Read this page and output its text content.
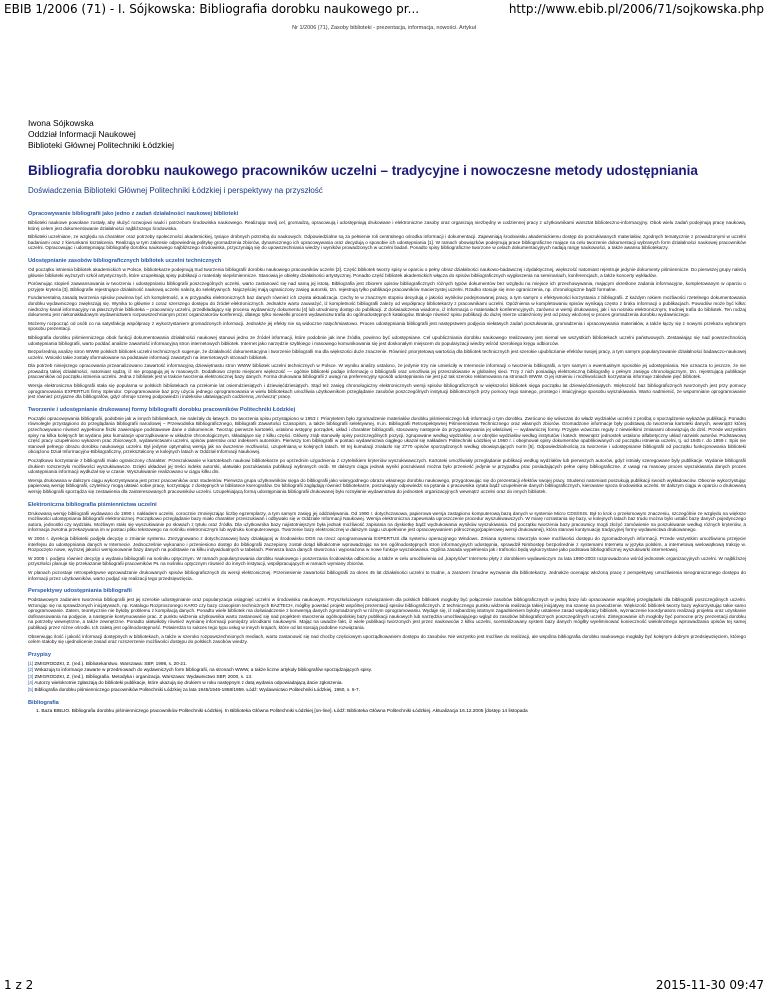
EBIB 1/2006 (71) - I. Sójkowska: Bibliografia dorobku naukowego pr...	http://www.ebib.pl/2006/71/sojkowska.php
Nr 1/2006 (71), Zasoby biblioteki - prezentacja, informacja, nowości. Artykuł
Iwona Sójkowska
Oddział Informacji Naukowej
Biblioteki Głównej Politechniki Łódzkiej
Bibliografia dorobku naukowego pracowników uczelni – tradycyjne i nowoczesne metody udostępniania
Doświadczenia Biblioteki Głównej Politechniki Łódzkiej i perspektywy na przyszłość
Opracowywanie bibliografii jako jedno z zadań działalności naukowej biblioteki

Biblioteki naukowe powołane zostały, aby służyć rozwojowi nauki i potrzebom środowiska naukowego. Realizując swój cel, gromadzą, opracowują i udostępniają drukowane i elektroniczne zasoby oraz organizują niezbędny w codziennej pracy z użytkownikami warsztat biblioteczno-informacyjny. Obok wielu zadań podejmują pracę naukową, której celem jest dokumentowanie działalności najbliższego środowiska.

Biblioteki uczelniane, ze względu na charakter oraz potrzeby społeczności akademickiej, tysiące drobnych potrzebą do naukowych. Odpowiedzialne są za pełnienie roli centralnego ośrodka informacji i dokumentacji. Zapewniają środowisku akademickiemu dostęp do poszukiwanych materiałów, zgodnych tematycznie z prowadzonymi w uczelni badaniami oraz z kierunkami kształcenia. Realizują w tym zakresie odpowiednią politykę gromadzenia zbiorów, dynamicznego ich opracowywania oraz decydują o sposobie ich udostępniania [1]. W ramach obowiązków podejmują prace bibliograficzne mające na celu tworzenie dokumentacji wybranych form działalności naukowej pracowników uczelni. Opracowując i udostępniając bibliografię dorobku naukowego najbliższego środowiska, przyczyniają się do upowszechniania wiedzy i wyników prowadzonych w uczelni badań. Ponadto spisy bibliograficzne tworzone w celach dokumentacyjnych nadają rangę naukowości, a także awansu bibliotekarzy.

Udostępnianie zasobów bibliograficznych bibliotek uczelni technicznych

Od początku istnienia bibliotek akademickich w Polsce, bibliotekarze podejmują trud tworzenia bibliografii dorobku naukowego pracowników uczelni [2]. Część bibliotek tworzy spisy w oparciu o pełny obraz działalności naukowo-badawczej i dydaktycznej, większość natomiast rejestruje jedynie dokumenty piśmiennicze. Do pierwszej grupy należą głównie biblioteki wyższych szkół artystycznych, które uzupełniają spisy publikacji o materiały niepiśmiennicze. Stanowią je obiekty działalności artystycznej. Ponadto część bibliotek akademickich włącza do spisów bibliograficznych wygłoszenia na seminariach, konferencjach, a także koncerty wykładów.

Porównując stopień zaawansowania w tworzeniu i udostępnianiu bibliografii poszczególnych uczelni, warto zastanowić się nad samą jej istotą. Bibliografia jest zbiorem opisów bibliograficznych różnych typów dokumentów bez względu na miejsce ich przechowywania, mającym określone zadania informacyjne, kompletowanym w oparciu o przyjęte kryteria [3]. Bibliografie rejestrujące działalność naukową uczelni należą do selektywnych. Najczęściej mają ograniczony zasięg autorski, tzn. rejestrują tylko publikacje pracowników macierzystej uczelni. Rzadko stosuje się inne ograniczenia, np. chronologiczne bądź formalne.

Fundamentalną zasadą tworzenia spisów powinna być ich kompletność, a w przypadku elektronicznych baz danych również ich częsta aktualizacja. Cechy te w znacznym stopniu decydują o jakości wyników podejmowanej pracy, a tym samym o efektywności korzystania z bibliografii. Z każdym rokiem możliwości rzetelnego dokumentowania dorobku wydawniczego zwiększają się. Wynika to głównie z coraz szerszego dostępu do źródeł elektronicznych. Jednakże warto zauważyć, iż kompletność bibliografii zależy od współpracy bibliotekarzy z pracownikami uczelni. Opóźnienia w kompletowaniu spisów wynikają często z braku informacji o publikacjach. Powodów może być kilka: niedrożny kanał informacyjny na płaszczyźnie biblioteka – pracownicy uczelni, przedkładający się procesu wydawniczy dokumentu [4] lub utrudniony dostęp do publikacji. Z doświadczenia wiadomo, iż informacja o materiałach konferencyjnych, zarówno w wersji drukowanej, jak i na nośniku elektronicznym, trudniej trafia do bibliotek. Ten rodzaj dokumentu jest niekonakładowym wydawnictwem rozpowszechnianym przez organizatorów konferencji, dlatego tylko niewielki procent wydawnictw trafia do ogólnodostępnych katalogów. Brakuje również spisu publikacji do dużej mierze uzależniony jest od pracy włożonej w proces gromadzenia dorobku wydawniczego.

Możemy rozpocząć od osób co na satysfakcję współpracy z wykorzystaniem gromadzonych informacji. Jednakże jej efekty nie są widoczne natychmiastowo. Proces udostępniania bibliografii jest następstwem podjęcia niełatwych zadań poszukiwania, gromadzenia i opracowywania materiałów, a także łączy się z nowymi przekazu wybranym sposobu prezentacji.

Bibliografia dorobku piśmienniczego obok funkcji dokumentowania działalności naukowej stanowi jedno ze źródeł informacji, które podobnie jak inne źródła, powinno być udostępniane. Cel upubliczniania dorobku naukowego realizowany jest niemal we wszystkich bibliotekach uczelni państwowych. Zestawiając się nad powszechnością udostępniania bibliografii, warto poddać analizie zawartość informacyjną stron internetowych bibliotek. Internet jako narzędzie szybkiego i masowego komunikowania się jest doskonałym miejscem do popularyzacji wiedzy wśród szerokiego kręgu odbiorców.

Bezpośrednią analizę stron WWW polskich bibliotek uczelni technicznych sugeruje, że działalność dokumentacyjna i tworzenie bibliografii ma dla większości duże znaczenie. Również priorytetową wartością dla bibliotek technicznych jest szerokie upubliczianie efektów swojej pracy, a tym samym popularyzowanie działalności badawczo-naukowej uczelni. Wnioski takie zostały sformułowane na podstawie informacji zawartych na internetowych stronach bibliotek.

Dla potrzeb niniejszego opracowania przeanalizowano zawartość informacyjną dziewiętnastu stron WWW bibliotek uczelni technicznych w Polsce. W wyniku analizy ustalono, że jedynie trzy nie umieściły w Internecie informacji o tworzeniu bibliografii, a tym samym o ewentualnym sposobie jej udostępniania. Nie oznacza to jeszcze, że nie prowadzą takiej działalności, natomiast sądzą, iż nie propagują jej w masowych. Dodatkowo często miejscem większość — ogólnie biblioteki podaje informację o bibliografii oraz umożliwia jej przeszukiwanie w globalnej sieci. Trzy z nich posiadają elektroniczną bibliografię o pełnym zasięgu chronologicznym, tzn. rejestrującą publikacje pracowników od początku istnienia uczelni. Jedna z bibliotek jest w trakcie tworzenia elektronicznej bazy danych. Forma drukowana bibliografii z uwagi na preferencyjny sposób udostępniania nie jest już tak szeroko reklamowana na stronach WWW. O jej istnieniu i możliwościach korzystania informuje zaledwie pięć bibliotek.

Wersja elektroniczna bibliografii stała się popularna w polskich bibliotekach na przełomie lat osiemdziesiątych i dziewięćdziesiątych. Stąd też zasięg chronologiczny elektronicznych wersji spisów bibliograficznych w większości bibliotek sięga początku lat dziewięćdziesiątych. Większość baz bibliograficznych tworzonych jest przy pomocy oprogramowania EXPERTUS firmy Splendor. Oprogramowanie baz przy użyciu jednego oprogramowania w wielu bibliotekach umożliwia użytkownikom przeglądanie zasobów poszczególnych instytucji bibliotecznych przy pomocy tego samego, prostego i intuicyjnego sposobu wyszukiwania. Warto nadmienić, że wspomniane oprogramowanie jest również przyjazne dla bibliografów, gdyż oferuje szereg podpowiedzi i indeksów ułatwiających codzienną „mrówczą" pracę.

Tworzenie i udostępnianie drukowanej formy bibliografii dorobku pracowników Politechniki Łódzkiej

Początki opracowywania bibliografii, podobnie jak w innych bibliotekach, nie należały do łatwych. Do tworzenia spisu przystąpiono w 1953 r. Priorytetem było zgromadzenie materiałów dorobku piśmienniczego lub informacji o tym dorobku. Zwrócono się wówczas do władz wydziałów uczelni z prośbą o sporządzenie wykazów publikacji. Ponadto równolegle przystąpiono do przeglądania bibliografii narodowej – Przewodnika Bibliograficznego, Bibliografii Zawartości Czasopism, a także bibliografii selektywnej, m.in. Bibliografii Retrospektywnej Piśmiennictwa Technicznego oraz własnych zbiorów. Gromadzone informacje były podstawą do tworzenia kartoteki danych, wewnątrz której przechowywano również wypełnione fiszki zawierające podstawowe dane o dokumencie. Tworząc pierwsze kartoteki, ustalono wstępny porządek, układ i charakter bibliografii, stosowany następnie do przygotowywania jej właściwej — wydawniczej formy. Przyjęte wówczas reguły z niewielkimi zmianami obowiązują do dziś. Przede wszystkim spisy na kilka kolejnych lat wydano jako kumulacje uporządkowane w układzie chronologicznym, składające się z kilku części. Główny zrąb stanowiły opisy poszczególnych pozycji, zgrupowane według wydziałów, a w obrębie wydziałów według instytutów i katedr. Wewnątrz jednostek ustalono alfabetyczny układ nazwisk autorów. Podstawową część pracy uzupełniono wykazem prac zbiorowych, wydawnictwami uczelni, opisów patentów oraz indeksem autorskim. Pierwszy tom bibliografii w postaci wydawnictwa ciągłego ukazał się nakładem Politechniki Łódzkiej w 1960 r. i obejmował opisy dokumentów opublikowanych od początku istnienia uczelni, tj. od 1945 r. do 1959 r. Spis nie stanowił pełnego obrazu dorobku naukowego uczelni. Był jedynie optymalną wersją jak na ówczesne możliwości, uzupełnianą w kolejnych latach. W tej kumulacji znalazło się 2770 opisów sporządzonych według obowiązujących norm [5]. Odpowiedzialnością za tworzenie i udostępnianie bibliografii od początku funkcjonowania biblioteki obciążono Dział Informacyjno-Bibliograficzny, przekształcony w kolejnych latach w Oddział Informacji Naukowej.

Początkowo korzystanie z bibliografii miało ograniczony charakter. Przeszukiwanie w kartotekach naukowi bibliotekarze po uprzednim uzgodnieniu z czytelnikiem kryteriów wyszukiwawczych. Kartoteki umożliwiały przeglądanie publikacji według wydziałów lub pierwszych autorów, gdyż istniały szeregowane były publikacje. Wydanie bibliografii drukiem rozszerzyło możliwości wyszukiwawcze. Dzięki układowi jej treści indeks autorski, ułatwiało poszukiwania publikacji wybranych osób. W dalszym ciągu jednak wyniki poszukiwań można było przenieść jedynie w przypadku prac posiadających pełne opisy bibliograficzne. Z uwagi na masowy proces wyszukiwania danych proces udostępniania informacji wydłużał się w czasie. Wyszukiwanie realizowano w ciągu kilku dni.

Wersja drukowana w dalszym ciągu wykorzystywana jest przez pracowników oraz studentów. Pierwsza grupa użytkowników sięga do bibliografii jako wiarygodnego obrazu własnego dorobku naukowego, przygotowując się do prezentacji efektów swojej pracy. Studenci natomiast poszukują publikacji swoich wykładowców. Obecnie wykorzystując papierową wersję bibliografii, czytelnicy mogą ułatwić sobie pracę, korzystając z dostępnych w bibliotece kserografów. Do bibliografii zaglądają również bibliotekarze, poszukujący odpowiedzi na pytania o pracownika cytata bądź uzupełnienie danych bibliograficznych, kierowane spoza środowiska uczelni. W dalszym ciągu w oparciu o drukowaną wersję bibliografii sporządza się zestawienia dla zainteresowanych pracowników uczelni. Uzupełniającą formą udostępniania bibliografii drukowanej było rozsyłanie wydawnictwa do jednostek organizacyjnych wewnątrz uczelni oraz do innych bibliotek.

Elektroniczna bibliografia piśmiennictwa uczelni

Drukowaną wersję bibliografii wydawano do 1990 r. nakładem uczelni, corocznie zmniejszając liczbę egzemplarzy, a tym samym zasięg jej oddziaływania. Od 1990 r. dotychczasowa, papierowa wersja zastąpiono komputerową bazą danych w systemie Micro CDS/ISIS. Był to krok o przełomowym znaczeniu, szczególnie ze względu na większe możliwości udostępniania bibliografii elektronicznej. Początkowo przeglądanie bazy miało charakter przeszukiwań i odbywało się w Oddziale Informacji Naukowej. Wersja elektroniczna zapewniała uproszczenie procedur wyszukiwawczych. W miarę rozrastania się bazy, w kolejnych latach baz trudu można było ustalić bazę danych pojedynczego autora, jednostki czy wydziału. Możliwym stało się wyszukiwanie po słowach z tytułu oraz źródła. Dla użytkownika bazy najistotniejszym była jednak możliwość zapisania na dyskietkę bądź wydrukowania wyników wyszukiwania. Od początku tworzenia bazy pracownicy mogli złożyć zamówienie na poszukiwanie według różnych kryteriów, a informacja zwrotna przekazywana im w postaci pliku tekstowego na nośniku elektronicznym lub wydruku komputerowego. Tworzenie bazy elektronicznej w dalszym ciągu uzupełnione jest opracowywaniem półrocznego(papierowej wersji drukowanej), która stanowi kontynuację tradycyjnej formy wydawnictwa drukowanego.

W 2004 r. dyrekcja biblioteki podjęła decyzję o zmianie systemu. Zrezygnowano z dotychczasowej bazy działającej w środowisku DOS na rzecz oprogramowania EXPERTUS dla systemu operacyjnego Windows. Zmiana systemu stworzyła nowe możliwości dostępu do zgromadzonych informacji. Przede wszystkim umożliwiono przejęcie interfejsu do udostępniania danych w Internecie. Jednocześnie wykonano i przeniesiono dostęp do bibliografii zaczepiony został dotąd kilkakrotnie wprowadzając na ten ogólnodostępnych stron informacyjnych udostępnia, sprawdził Nimbostęp bezpośrednie z systemami Internetu w języka polskim, a internetową wielowątkową trakcję w. Rozpoczęto nowe, wyższej jakości wersjonowanie bazy danych na podstawie na kilku indywidualnych w tabelach. Pierwsza baza danych stworzona i wyposażona w nowe funkcje wyszukiwania. Ogólna zasada wypełnienia jak i trafności będą wykorzystane jako podstawa bibliograficznej wyszukiwarki internetowej.

W 2005 r. podjęto również decyzję o wydaniu bibliografii na nośniku optycznym. W ramach popularyzowania dorobku naukowego i poszerzania środowiska odbiorców, a także w celu umożliwienia od „kapryśów" Internetu płyty z dorobkiem wydawniczym za lata 1990-2003 rozprowadzono wśród jednostek organizacyjnych uczelni. W najbliższej przyszłości planuje się przekazanie bibliografii pracowników PŁ na nośniku optycznym również do innych instytucji, współpracujących w ramach wymiany zbiorów.

W planach pozostaje retrospektywne wprowadzanie drukowanych spisów bibliograficznych do wersji elektronicznej. Przeniesienie zawartości bibliografii za okres 45 lat działalności uczelni to trudne, a zarazem żmudne wyzwanie dla bibliotekarzy. Jednakże ocenając włożoną pracę z perspektywy umożliwienia nieograniczonego dostępu do informacji przez użytkowników, warto podjąć się realizacji tego przedsięwzięcia.

Perspektywy udostępniania bibliografii

Podstawowym zadaniem tworzenia bibliografii jest jej szerokie udostępnianie oraz popularyzacja osiągnięć uczelni w środowisku naukowym. Przyszłościowym rozwiązaniem dla polskich bibliotek mogłoby być połączenie zasobów bibliograficznych w jedną bazę lub opracowanie wspólnej przeglądarki dla bibliografii poszczególnych uczelni. Wzorując się na sprawdzonych inicjatywach, np. Katalogu Rozproszonego KARO czy bazy czasopism technicznych BAZTECH, mógłby powstać projekt wspólnej prezentacji spisów bibliograficznych. Z technicznego punktu widzenia realizacja takiej inicjatywy ma szansę na powodzenie. Większość bibliotek tworzy bazy wykorzystując takie samo oprogramowanie. Zatem, teoretycznie nie byłoby problemu z kompilacją danych. Ponadto wiele bibliotek ma doświadczenie z konwersją danych zgromadzonych w różnym oprogramowaniu. Wydaje się, iż najbardziej istotnym zagadnieniem byłoby ustalenie zasad współpracy bibliotek, wyznaczenie koordynatora realizacji projektu oraz uzyskanie dofinansowania na podjęcie, a następnie kontynuowanie prac. Z punktu widzenia użytkownika warto zastanowić się nad projektem stworzenia ogólnopolskiej bazy publikacji naukowych lub narzędzia umożliwiającego wgląd do zasobów bibliograficznych poszczególnych uczelni. Zintegrowanie ich mogłoby być pomocne przy prezentacji dorobku na potrzeby wewnętrzne, a także zewnętrzne. Ponadto ułatwiłoby również wymianę informacji pomiędzy ośrodkami naukowymi. Mając na uwadze fakt, iż wiele publikacji tworzonych jest przez naukowców z kilku uczelni, scentralizowany system bazy danych mógłby wyeliminować konieczność wielokrotnego wprowadzania opisów tej samej publikacji przez różne ośrodki. Ich zaletą jest ogólnodostępność. Potwierdza to sukces tego typu usług w innych krajach, które od lat stosują podobne rozwiązania.

Obserwując ilość i jakość informacji dostępnych w bibliotekach, a także w szeroko rozpowszechnionych mediach, warto zastanowić się nad choćby częściowym uporządkowaniem dostępu do zasobów. Nie wszystko jest możliwe do realizacji, ale wspólna bibliografia dorobku naukowego mogłaby być kolejnym dobrym przedsięwzięciem, którego celem stałoby się ujednolicenie zasad oraz rozszerzenie możliwości dostępu do polskich zasobów wiedzy.

Przypisy
[1] ZMIGRODZKI, Z. (red.). Bibliotekarstwo. Warszawa: SBP, 1998, s. 20-21.
[2] Wskazują to informacje zawarte w przedmowach do wydawniczych form bibliografii, na stronach WWW, a także liczne artykuły bibliografów sporządzających spisy.
[3] ZMIGRODZKI, Z. (red.). Bibliografia. Metodyka i organizacja. Warszawa: Wydawnictwo SBP, 2000, s. 13.
[4] Autorzy wielokrotnie zgłaszają do biblioteki publikacje, które ukazują się drukiem w roku następnym z datą wydania odpowiadającą dacie zgłoszenia.
[5] Bibliografia dorobku piśmienniczego pracowników Politechniki Łódzkiej za lata 1945/1946-1958/1959. Łódź: Wydawnictwo Politechniki Łódzkiej, 1960, s. 6-7.
Bibliografia
1. Baza BIBLIO. Bibliografia dorobku piśmienniczego pracowników Politechniki Łódzkiej. In Biblioteka Główna Politechniki Łódzkiej [on-line]. Łódź: Biblioteka Główna Politechniki Łódzkiej. Aktualizacja 16.12.2005 [dostęp 14 listopada
1 z 2	2015-11-30 09:47
